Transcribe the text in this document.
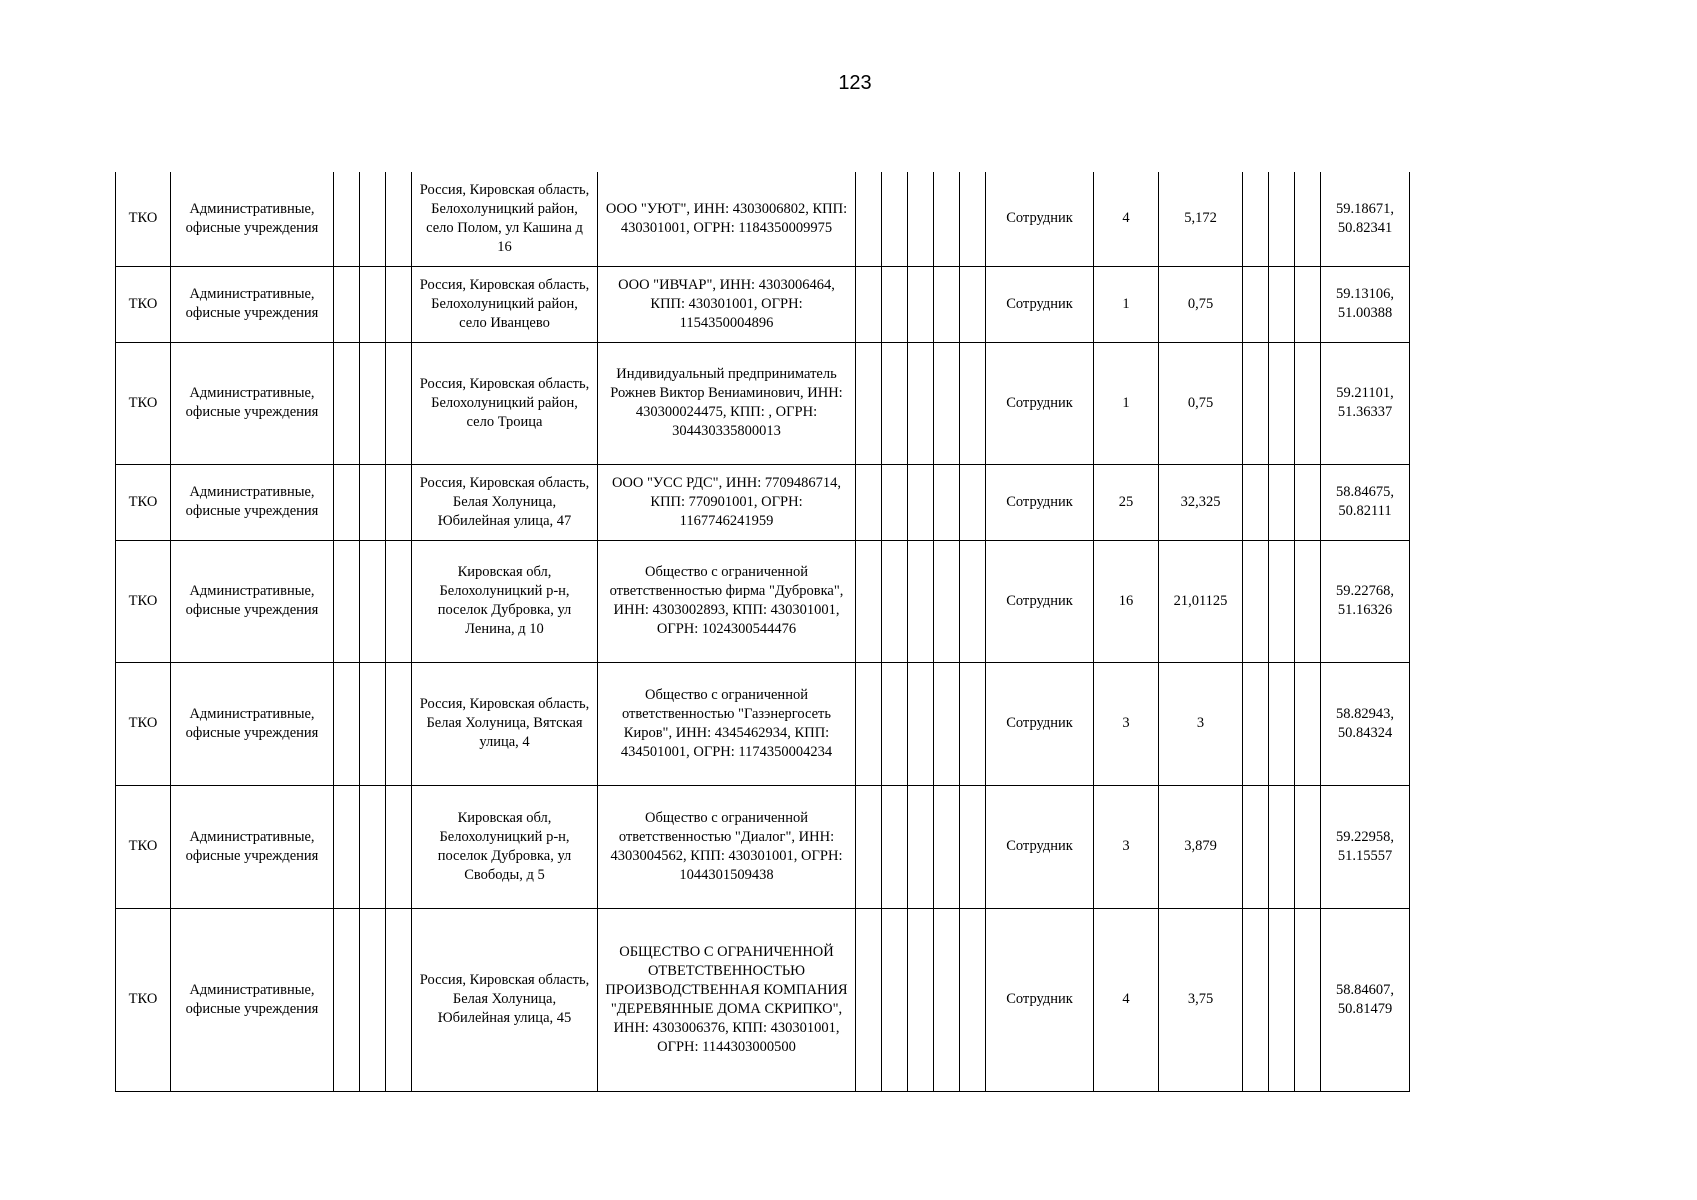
123
ТКО	Административные, офисные учреждения				Россия, Кировская область, Белохолуницкий район, село Полом, ул Кашина д 16	ООО "УЮТ", ИНН: 4303006802, КПП: 430301001, ОГРН: 1184350009975						Сотрудник	4	5,172				59.18671, 50.82341
ТКО	Административные, офисные учреждения				Россия, Кировская область, Белохолуницкий район, село Иванцево	ООО "ИВЧАР", ИНН: 4303006464, КПП: 430301001, ОГРН: 1154350004896						Сотрудник	1	0,75				59.13106, 51.00388
ТКО	Административные, офисные учреждения				Россия, Кировская область, Белохолуницкий район, село Троица	Индивидуальный предприниматель Рожнев Виктор Вениаминович, ИНН: 430300024475, КПП: , ОГРН: 304430335800013						Сотрудник	1	0,75				59.21101, 51.36337
ТКО	Административные, офисные учреждения				Россия, Кировская область, Белая Холуница, Юбилейная улица, 47	ООО "УСС РДС", ИНН: 7709486714, КПП: 770901001, ОГРН: 1167746241959						Сотрудник	25	32,325				58.84675, 50.82111
ТКО	Административные, офисные учреждения				Кировская обл, Белохолуницкий р-н, поселок Дубровка, ул Ленина, д 10	Общество с ограниченной ответственностью фирма "Дубровка", ИНН: 4303002893, КПП: 430301001, ОГРН: 1024300544476						Сотрудник	16	21,01125				59.22768, 51.16326
ТКО	Административные, офисные учреждения				Россия, Кировская область, Белая Холуница, Вятская улица, 4	Общество с ограниченной ответственностью "Газэнергосеть Киров", ИНН: 4345462934, КПП: 434501001, ОГРН: 1174350004234						Сотрудник	3	3				58.82943, 50.84324
ТКО	Административные, офисные учреждения				Кировская обл, Белохолуницкий р-н, поселок Дубровка, ул Свободы, д 5	Общество с ограниченной ответственностью "Диалог", ИНН: 4303004562, КПП: 430301001, ОГРН: 1044301509438						Сотрудник	3	3,879				59.22958, 51.15557
ТКО	Административные, офисные учреждения				Россия, Кировская область, Белая Холуница, Юбилейная улица, 45	ОБЩЕСТВО С ОГРАНИЧЕННОЙ ОТВЕТСТВЕННОСТЬЮ ПРОИЗВОДСТВЕННАЯ КОМПАНИЯ "ДЕРЕВЯННЫЕ ДОМА СКРИПКО", ИНН: 4303006376, КПП: 430301001, ОГРН: 1144303000500						Сотрудник	4	3,75				58.84607, 50.81479
